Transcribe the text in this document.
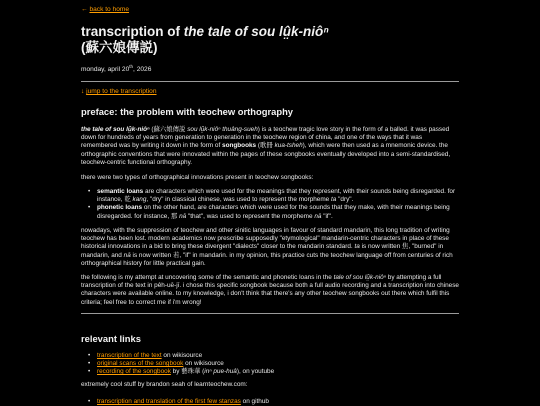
← back to home
transcription of the tale of sou lṳ̂k-niôⁿ
(蘇六娘傳説)
monday, april 20th, 2026
↓ jump to the transcription
preface: the problem with teochew orthography

the tale of sou lṳ̂k-niôⁿ (蘇六娘傳説 sou lṳ̂k-niôⁿ thuâng-sueh) is a teochew tragic love story in the form of a balled. it was passed down for hundreds of years from generation to generation in the teochew region of china, and one of the ways that it was remembered was by writing it down in the form of songbooks (歌冊 kua-tsheh), which were then used as a mnemonic device. the orthographic conventions that were innovated within the pages of these songbooks eventually developed into a semi-standardised, teochew-centric functional orthography.

there were two types of orthographical innovations present in teochew songbooks:

• semantic loans are characters which were used for the meanings that they represent, with their sounds being disregarded. for instance, 乾 kang, "dry" in classical chinese, was used to represent the morpheme ta "dry".
• phonetic loans on the other hand, are characters which were used for the sounds that they make, with their meanings being disregarded. for instance, 那 nā "that", was used to represent the morpheme nā "if".

nowadays, with the suppression of teochew and other sinitic languages in favour of standard mandarin, this long tradition of writing teochew has been lost. modern academics now prescribe supposedly "etymological" mandarin-centric characters in place of these historical innovations in a bid to bring these divergent "dialects" closer to the mandarin standard. ta is now written 焦, "burned" in mandarin, and nā is now written 若, "if" in mandarin. in my opinion, this practice cuts the teochew language off from centuries of rich orthographical history for little practical gain.

the following is my attempt at uncovering some of the semantic and phonetic loans in the tale of sou lṳ̂k-niôⁿ by attempting a full transcription of the text in pêh-uē-jī. i chose this specific songbook because both a full audio recording and a transcription into chinese characters were available online. to my knowledge, i don't think that there's any other teochew songbooks out there which fulfil this criteria; feel free to correct me if i'm wrong!

relevant links
• transcription of the text on wikisource
• original scans of the songbook on wikisource
• recording of the songbook by 藝珠華 (inⁿ pue-huâ), on youtube

extremely cool stuff by brandon seah of learnteochew.com:

• transcription and translation of the first few stanzas on github
